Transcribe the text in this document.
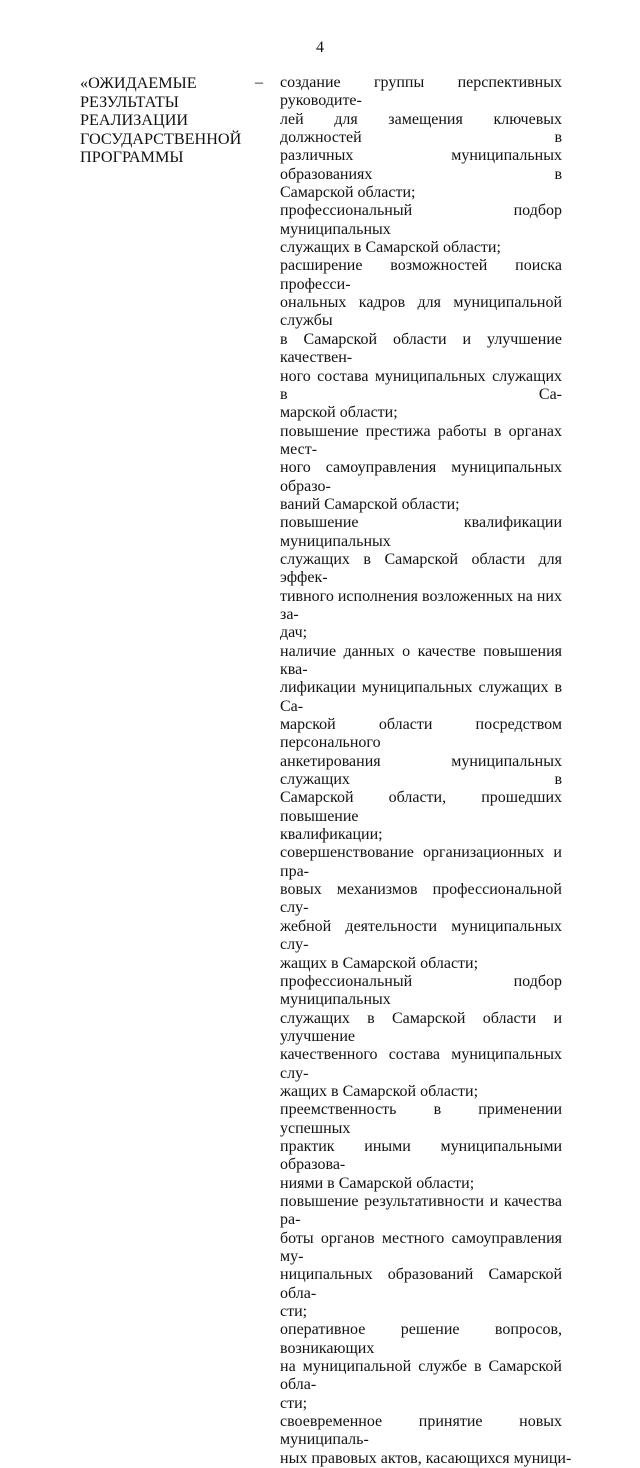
4
«ОЖИДАЕМЫЕ
РЕЗУЛЬТАТЫ
РЕАЛИЗАЦИИ
ГОСУДАРСТВЕННОЙ
ПРОГРАММЫ
– создание группы перспективных руководите-
лей для замещения ключевых должностей в
различных муниципальных образованиях в
Самарской области;
профессиональный подбор муниципальных
служащих в Самарской области;
расширение возможностей поиска професси-
ональных кадров для муниципальной службы
в Самарской области и улучшение качествен-
ного состава муниципальных служащих в Са-
марской области;
повышение престижа работы в органах мест-
ного самоуправления муниципальных образо-
ваний Самарской области;
повышение квалификации муниципальных
служащих в Самарской области для эффек-
тивного исполнения возложенных на них за-
дач;
наличие данных о качестве повышения ква-
лификации муниципальных служащих в Са-
марской области посредством персонального
анкетирования муниципальных служащих в
Самарской области, прошедших повышение
квалификации;
совершенствование организационных и пра-
вовых механизмов профессиональной слу-
жебной деятельности муниципальных слу-
жащих в Самарской области;
профессиональный подбор муниципальных
служащих в Самарской области и улучшение
качественного состава муниципальных слу-
жащих в Самарской области;
преемственность в применении успешных
практик иными муниципальными образова-
ниями в Самарской области;
повышение результативности и качества ра-
боты органов местного самоуправления му-
ниципальных образований Самарской обла-
сти;
оперативное решение вопросов, возникающих
на муниципальной службе в Самарской обла-
сти;
своевременное принятие новых муниципаль-
ных правовых актов, касающихся муници-
